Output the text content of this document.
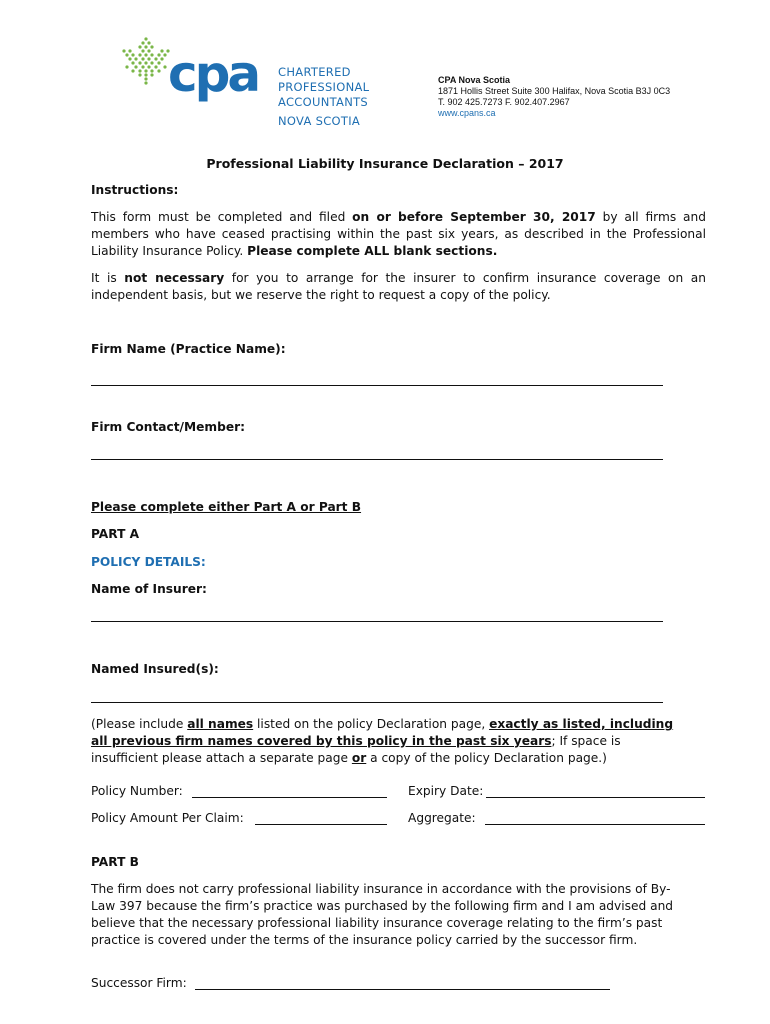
cpa CHARTERED
PROFESSIONAL
ACCOUNTANTS
NOVA SCOTIA
CPA Nova Scotia
1871 Hollis Street Suite 300 Halifax, Nova Scotia B3J 0C3
T. 902 425.7273 F. 902.407.2967
www.cpans.ca
Professional Liability Insurance Declaration – 2017
Instructions:
This form must be completed and filed on or before September 30, 2017 by all firms and members who have ceased practising within the past six years, as described in the Professional Liability Insurance Policy. Please complete ALL blank sections.
It is not necessary for you to arrange for the insurer to confirm insurance coverage on an independent basis, but we reserve the right to request a copy of the policy.
Firm Name (Practice Name):
Firm Contact/Member:
Please complete either Part A or Part B
PART A
POLICY DETAILS:
Name of Insurer:
Named Insured(s):
(Please include all names listed on the policy Declaration page, exactly as listed, including all previous firm names covered by this policy in the past six years; If space is insufficient please attach a separate page or a copy of the policy Declaration page.)
Policy Number:	Expiry Date:
Policy Amount Per Claim:	Aggregate:
PART B
The firm does not carry professional liability insurance in accordance with the provisions of By-Law 397 because the firm’s practice was purchased by the following firm and I am advised and believe that the necessary professional liability insurance coverage relating to the firm’s past practice is covered under the terms of the insurance policy carried by the successor firm.
Successor Firm:
